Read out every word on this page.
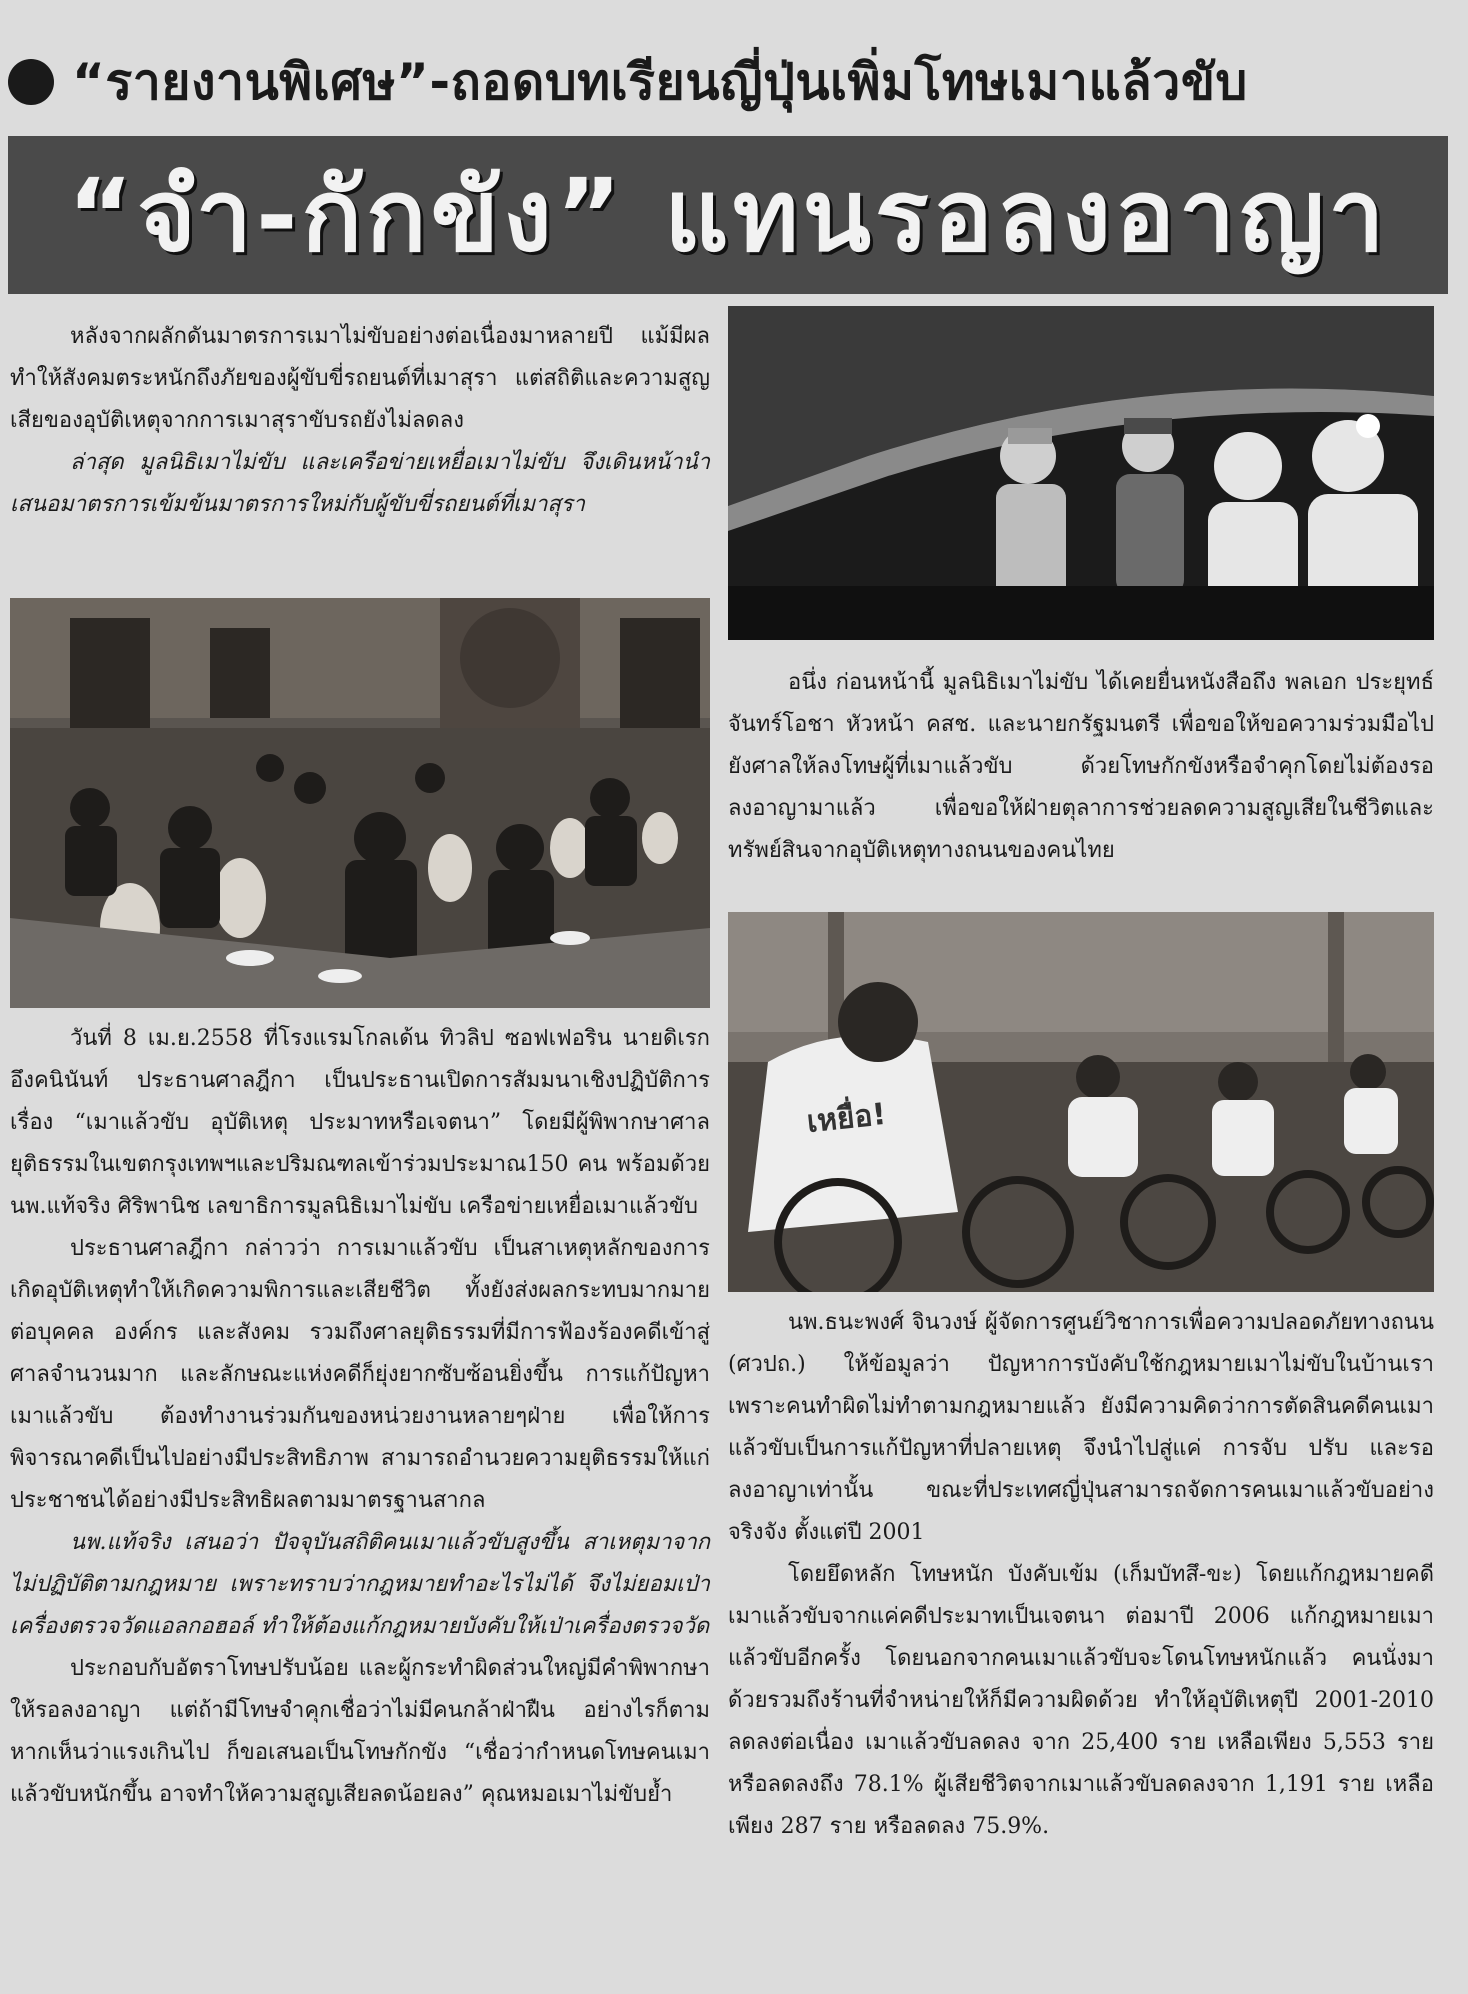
“รายงานพิเศษ”-ถอดบทเรียนญี่ปุ่นเพิ่มโทษเมาแล้วขับ
“จำ-กักขัง” แทนรอลงอาญา

หลังจากผลักดันมาตรการเมาไม่ขับอย่างต่อเนื่องมาหลายปี แม้มีผลทำให้สังคมตระหนักถึงภัยของผู้ขับขี่รถยนต์ที่เมาสุรา แต่สถิติและความสูญเสียของอุบัติเหตุจากการเมาสุราขับรถยังไม่ลดลง

ล่าสุด มูลนิธิเมาไม่ขับ และเครือข่ายเหยื่อเมาไม่ขับ จึงเดินหน้านำเสนอมาตรการเข้มข้นมาตรการใหม่กับผู้ขับขี่รถยนต์ที่เมาสุรา

วันที่ 8 เม.ย.2558 ที่โรงแรมโกลเด้น ทิวลิป ซอฟเฟอริน นายดิเรก อึงคนินันท์ ประธานศาลฎีกา เป็นประธานเปิดการสัมมนาเชิงปฏิบัติการ เรื่อง “เมาแล้วขับ อุบัติเหตุ ประมาทหรือเจตนา” โดยมีผู้พิพากษาศาลยุติธรรมในเขตกรุงเทพฯและปริมณฑลเข้าร่วมประมาณ150 คน พร้อมด้วย นพ.แท้จริง ศิริพานิช เลขาธิการมูลนิธิเมาไม่ขับ เครือข่ายเหยื่อเมาแล้วขับ

ประธานศาลฎีกา กล่าวว่า การเมาแล้วขับ เป็นสาเหตุหลักของการเกิดอุบัติเหตุทำให้เกิดความพิการและเสียชีวิต ทั้งยังส่งผลกระทบมากมายต่อบุคคล องค์กร และสังคม รวมถึงศาลยุติธรรมที่มีการฟ้องร้องคดีเข้าสู่ศาลจำนวนมาก และลักษณะแห่งคดีก็ยุ่งยากซับซ้อนยิ่งขึ้น การแก้ปัญหาเมาแล้วขับ ต้องทำงานร่วมกันของหน่วยงานหลายๆฝ่าย เพื่อให้การพิจารณาคดีเป็นไปอย่างมีประสิทธิภาพ สามารถอำนวยความยุติธรรมให้แก่ประชาชนได้อย่างมีประสิทธิผลตามมาตรฐานสากล

นพ.แท้จริง เสนอว่า ปัจจุบันสถิติคนเมาแล้วขับสูงขึ้น สาเหตุมาจากไม่ปฏิบัติตามกฎหมาย เพราะทราบว่ากฎหมายทำอะไรไม่ได้ จึงไม่ยอมเป่าเครื่องตรวจวัดแอลกอฮอล์ ทำให้ต้องแก้กฎหมายบังคับให้เป่าเครื่องตรวจวัด

ประกอบกับอัตราโทษปรับน้อย และผู้กระทำผิดส่วนใหญ่มีคำพิพากษาให้รอลงอาญา แต่ถ้ามีโทษจำคุกเชื่อว่าไม่มีคนกล้าฝ่าฝืน อย่างไรก็ตาม หากเห็นว่าแรงเกินไป ก็ขอเสนอเป็นโทษกักขัง “เชื่อว่ากำหนดโทษคนเมาแล้วขับหนักขึ้น อาจทำให้ความสูญเสียลดน้อยลง” คุณหมอเมาไม่ขับย้ำ

อนึ่ง ก่อนหน้านี้ มูลนิธิเมาไม่ขับ ได้เคยยื่นหนังสือถึง พลเอก ประยุทธ์ จันทร์โอชา หัวหน้า คสช. และนายกรัฐมนตรี เพื่อขอให้ขอความร่วมมือไปยังศาลให้ลงโทษผู้ที่เมาแล้วขับ ด้วยโทษกักขังหรือจำคุกโดยไม่ต้องรอลงอาญามาแล้ว เพื่อขอให้ฝ่ายตุลาการช่วยลดความสูญเสียในชีวิตและทรัพย์สินจากอุบัติเหตุทางถนนของคนไทย

เหยื่อ!

นพ.ธนะพงศ์ จินวงษ์ ผู้จัดการศูนย์วิชาการเพื่อความปลอดภัยทางถนน (ศวปถ.) ให้ข้อมูลว่า ปัญหาการบังคับใช้กฎหมายเมาไม่ขับในบ้านเรา เพราะคนทำผิดไม่ทำตามกฎหมายแล้ว ยังมีความคิดว่าการตัดสินคดีคนเมาแล้วขับเป็นการแก้ปัญหาที่ปลายเหตุ จึงนำไปสู่แค่ การจับ ปรับ และรอลงอาญาเท่านั้น ขณะที่ประเทศญี่ปุ่นสามารถจัดการคนเมาแล้วขับอย่างจริงจัง ตั้งแต่ปี 2001

โดยยึดหลัก โทษหนัก บังคับเข้ม (เก็มบัทสึ-ขะ) โดยแก้กฎหมายคดีเมาแล้วขับจากแค่คดีประมาทเป็นเจตนา ต่อมาปี 2006 แก้กฎหมายเมาแล้วขับอีกครั้ง โดยนอกจากคนเมาแล้วขับจะโดนโทษหนักแล้ว คนนั่งมาด้วยรวมถึงร้านที่จำหน่ายให้ก็มีความผิดด้วย ทำให้อุบัติเหตุปี 2001-2010 ลดลงต่อเนื่อง เมาแล้วขับลดลง จาก 25,400 ราย เหลือเพียง 5,553 ราย หรือลดลงถึง 78.1% ผู้เสียชีวิตจากเมาแล้วขับลดลงจาก 1,191 ราย เหลือเพียง 287 ราย หรือลดลง 75.9%.
